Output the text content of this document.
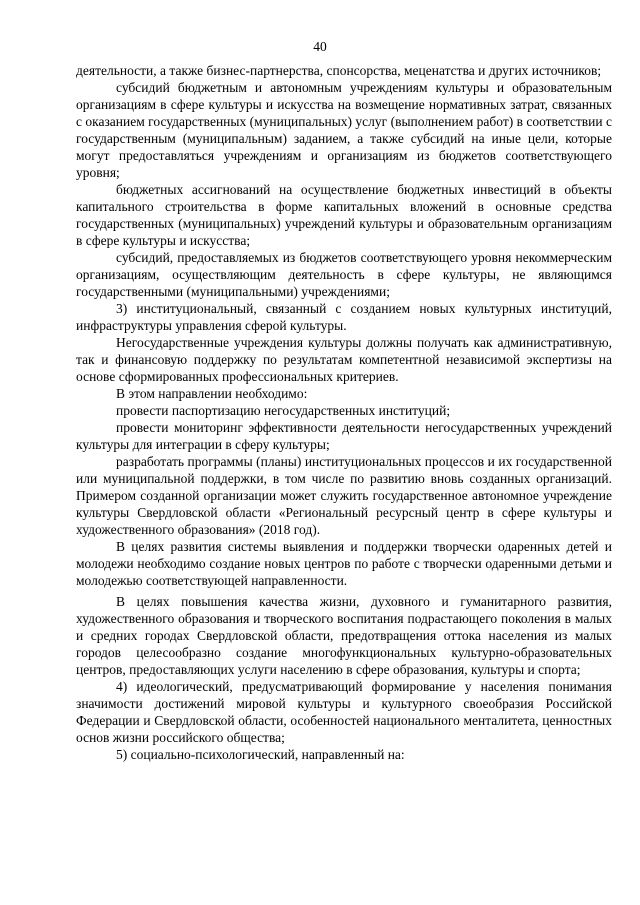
40

деятельности, а также бизнес-партнерства, спонсорства, меценатства и других источников;

субсидий бюджетным и автономным учреждениям культуры и образовательным организациям в сфере культуры и искусства на возмещение нормативных затрат, связанных с оказанием государственных (муниципальных) услуг (выполнением работ) в соответствии с государственным (муниципальным) заданием, а также субсидий на иные цели, которые могут предоставляться учреждениям и организациям из бюджетов соответствующего уровня;

бюджетных ассигнований на осуществление бюджетных инвестиций в объекты капитального строительства в форме капитальных вложений в основные средства государственных (муниципальных) учреждений культуры и образовательным организациям в сфере культуры и искусства;

субсидий, предоставляемых из бюджетов соответствующего уровня некоммерческим организациям, осуществляющим деятельность в сфере культуры, не являющимся государственными (муниципальными) учреждениями;

3) институциональный, связанный с созданием новых культурных институций, инфраструктуры управления сферой культуры.

Негосударственные учреждения культуры должны получать как административную, так и финансовую поддержку по результатам компетентной независимой экспертизы на основе сформированных профессиональных критериев.

В этом направлении необходимо:

провести паспортизацию негосударственных институций;

провести мониторинг эффективности деятельности негосударственных учреждений культуры для интеграции в сферу культуры;

разработать программы (планы) институциональных процессов и их государственной или муниципальной поддержки, в том числе по развитию вновь созданных организаций. Примером созданной организации может служить государственное автономное учреждение культуры Свердловской области «Региональный ресурсный центр в сфере культуры и художественного образования» (2018 год).

В целях развития системы выявления и поддержки творчески одаренных детей и молодежи необходимо создание новых центров по работе с творчески одаренными детьми и молодежью соответствующей направленности.

В целях повышения качества жизни, духовного и гуманитарного развития, художественного образования и творческого воспитания подрастающего поколения в малых и средних городах Свердловской области, предотвращения оттока населения из малых городов целесообразно создание многофункциональных культурно-образовательных центров, предоставляющих услуги населению в сфере образования, культуры и спорта;

4) идеологический, предусматривающий формирование у населения понимания значимости достижений мировой культуры и культурного своеобразия Российской Федерации и Свердловской области, особенностей национального менталитета, ценностных основ жизни российского общества;

5) социально-психологический, направленный на:
